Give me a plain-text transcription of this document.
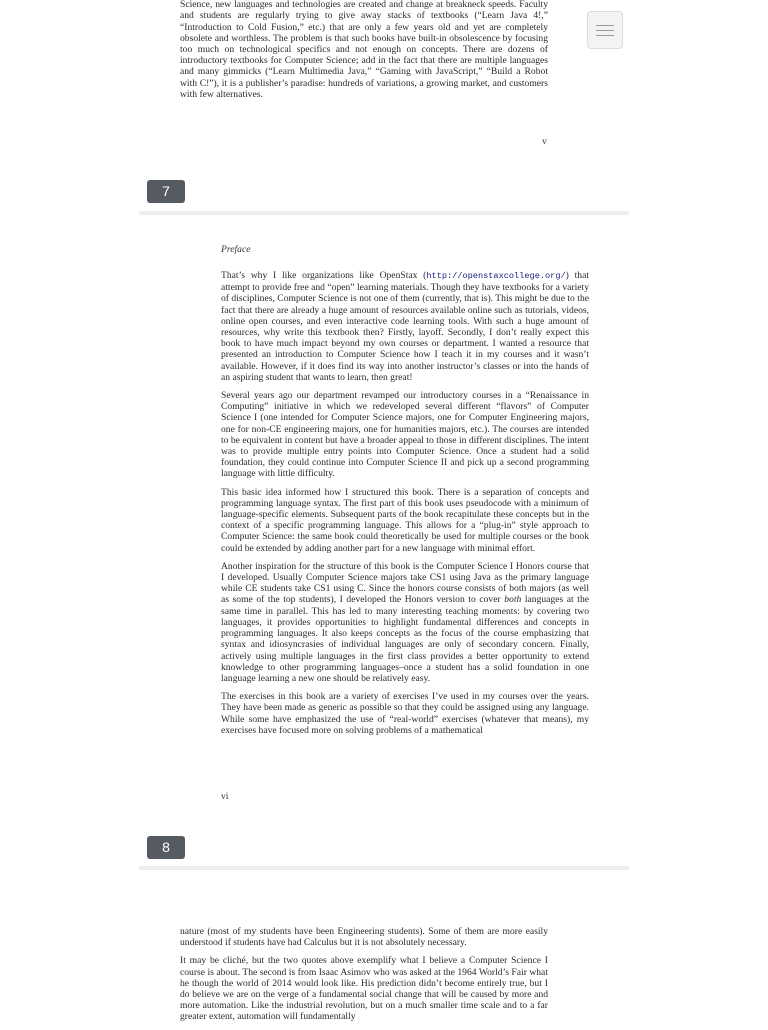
Science, new languages and technologies are created and change at breakneck speeds. Faculty and students are regularly trying to give away stacks of textbooks (“Learn Java 4!,” “Introduction to Cold Fusion,” etc.) that are only a few years old and yet are completely obsolete and worthless. The problem is that such books have built-in obsolescence by focusing too much on technological specifics and not enough on concepts. There are dozens of introductory textbooks for Computer Science; add in the fact that there are multiple languages and many gimmicks (“Learn Multimedia Java,” “Gaming with JavaScript,” “Build a Robot with C!”), it is a publisher’s paradise: hundreds of variations, a growing market, and customers with few alternatives.

v
7
Preface

That’s why I like organizations like OpenStax (http://openstaxcollege.org/) that attempt to provide free and “open” learning materials. Though they have textbooks for a variety of disciplines, Computer Science is not one of them (currently, that is). This might be due to the fact that there are already a huge amount of resources available online such as tutorials, videos, online open courses, and even interactive code learning tools. With such a huge amount of resources, why write this textbook then? Firstly, layoff. Secondly, I don’t really expect this book to have much impact beyond my own courses or department. I wanted a resource that presented an introduction to Computer Science how I teach it in my courses and it wasn’t available. However, if it does find its way into another instructor’s classes or into the hands of an aspiring student that wants to learn, then great!

Several years ago our department revamped our introductory courses in a “Renaissance in Computing” initiative in which we redeveloped several different “flavors” of Computer Science I (one intended for Computer Science majors, one for Computer Engineering majors, one for non-CE engineering majors, one for humanities majors, etc.). The courses are intended to be equivalent in content but have a broader appeal to those in different disciplines. The intent was to provide multiple entry points into Computer Science. Once a student had a solid foundation, they could continue into Computer Science II and pick up a second programming language with little difficulty.

This basic idea informed how I structured this book. There is a separation of concepts and programming language syntax. The first part of this book uses pseudocode with a minimum of language-specific elements. Subsequent parts of the book recapitulate these concepts but in the context of a specific programming language. This allows for a “plug-in” style approach to Computer Science: the same book could theoretically be used for multiple courses or the book could be extended by adding another part for a new language with minimal effort.

Another inspiration for the structure of this book is the Computer Science I Honors course that I developed. Usually Computer Science majors take CS1 using Java as the primary language while CE students take CS1 using C. Since the honors course consists of both majors (as well as some of the top students), I developed the Honors version to cover both languages at the same time in parallel. This has led to many interesting teaching moments: by covering two languages, it provides opportunities to highlight fundamental differences and concepts in programming languages. It also keeps concepts as the focus of the course emphasizing that syntax and idiosyncrasies of individual languages are only of secondary concern. Finally, actively using multiple languages in the first class provides a better opportunity to extend knowledge to other programming languages–once a student has a solid foundation in one language learning a new one should be relatively easy.

The exercises in this book are a variety of exercises I’ve used in my courses over the years. They have been made as generic as possible so that they could be assigned using any language. While some have emphasized the use of “real-world” exercises (whatever that means), my exercises have focused more on solving problems of a mathematical

vi
8

nature (most of my students have been Engineering students). Some of them are more easily understood if students have had Calculus but it is not absolutely necessary.

It may be cliché, but the two quotes above exemplify what I believe a Computer Science I course is about. The second is from Isaac Asimov who was asked at the 1964 World’s Fair what he though the world of 2014 would look like. His prediction didn’t become entirely true, but I do believe we are on the verge of a fundamental social change that will be caused by more and more automation. Like the industrial revolution, but on a much smaller time scale and to a far greater extent, automation will fundamentally
